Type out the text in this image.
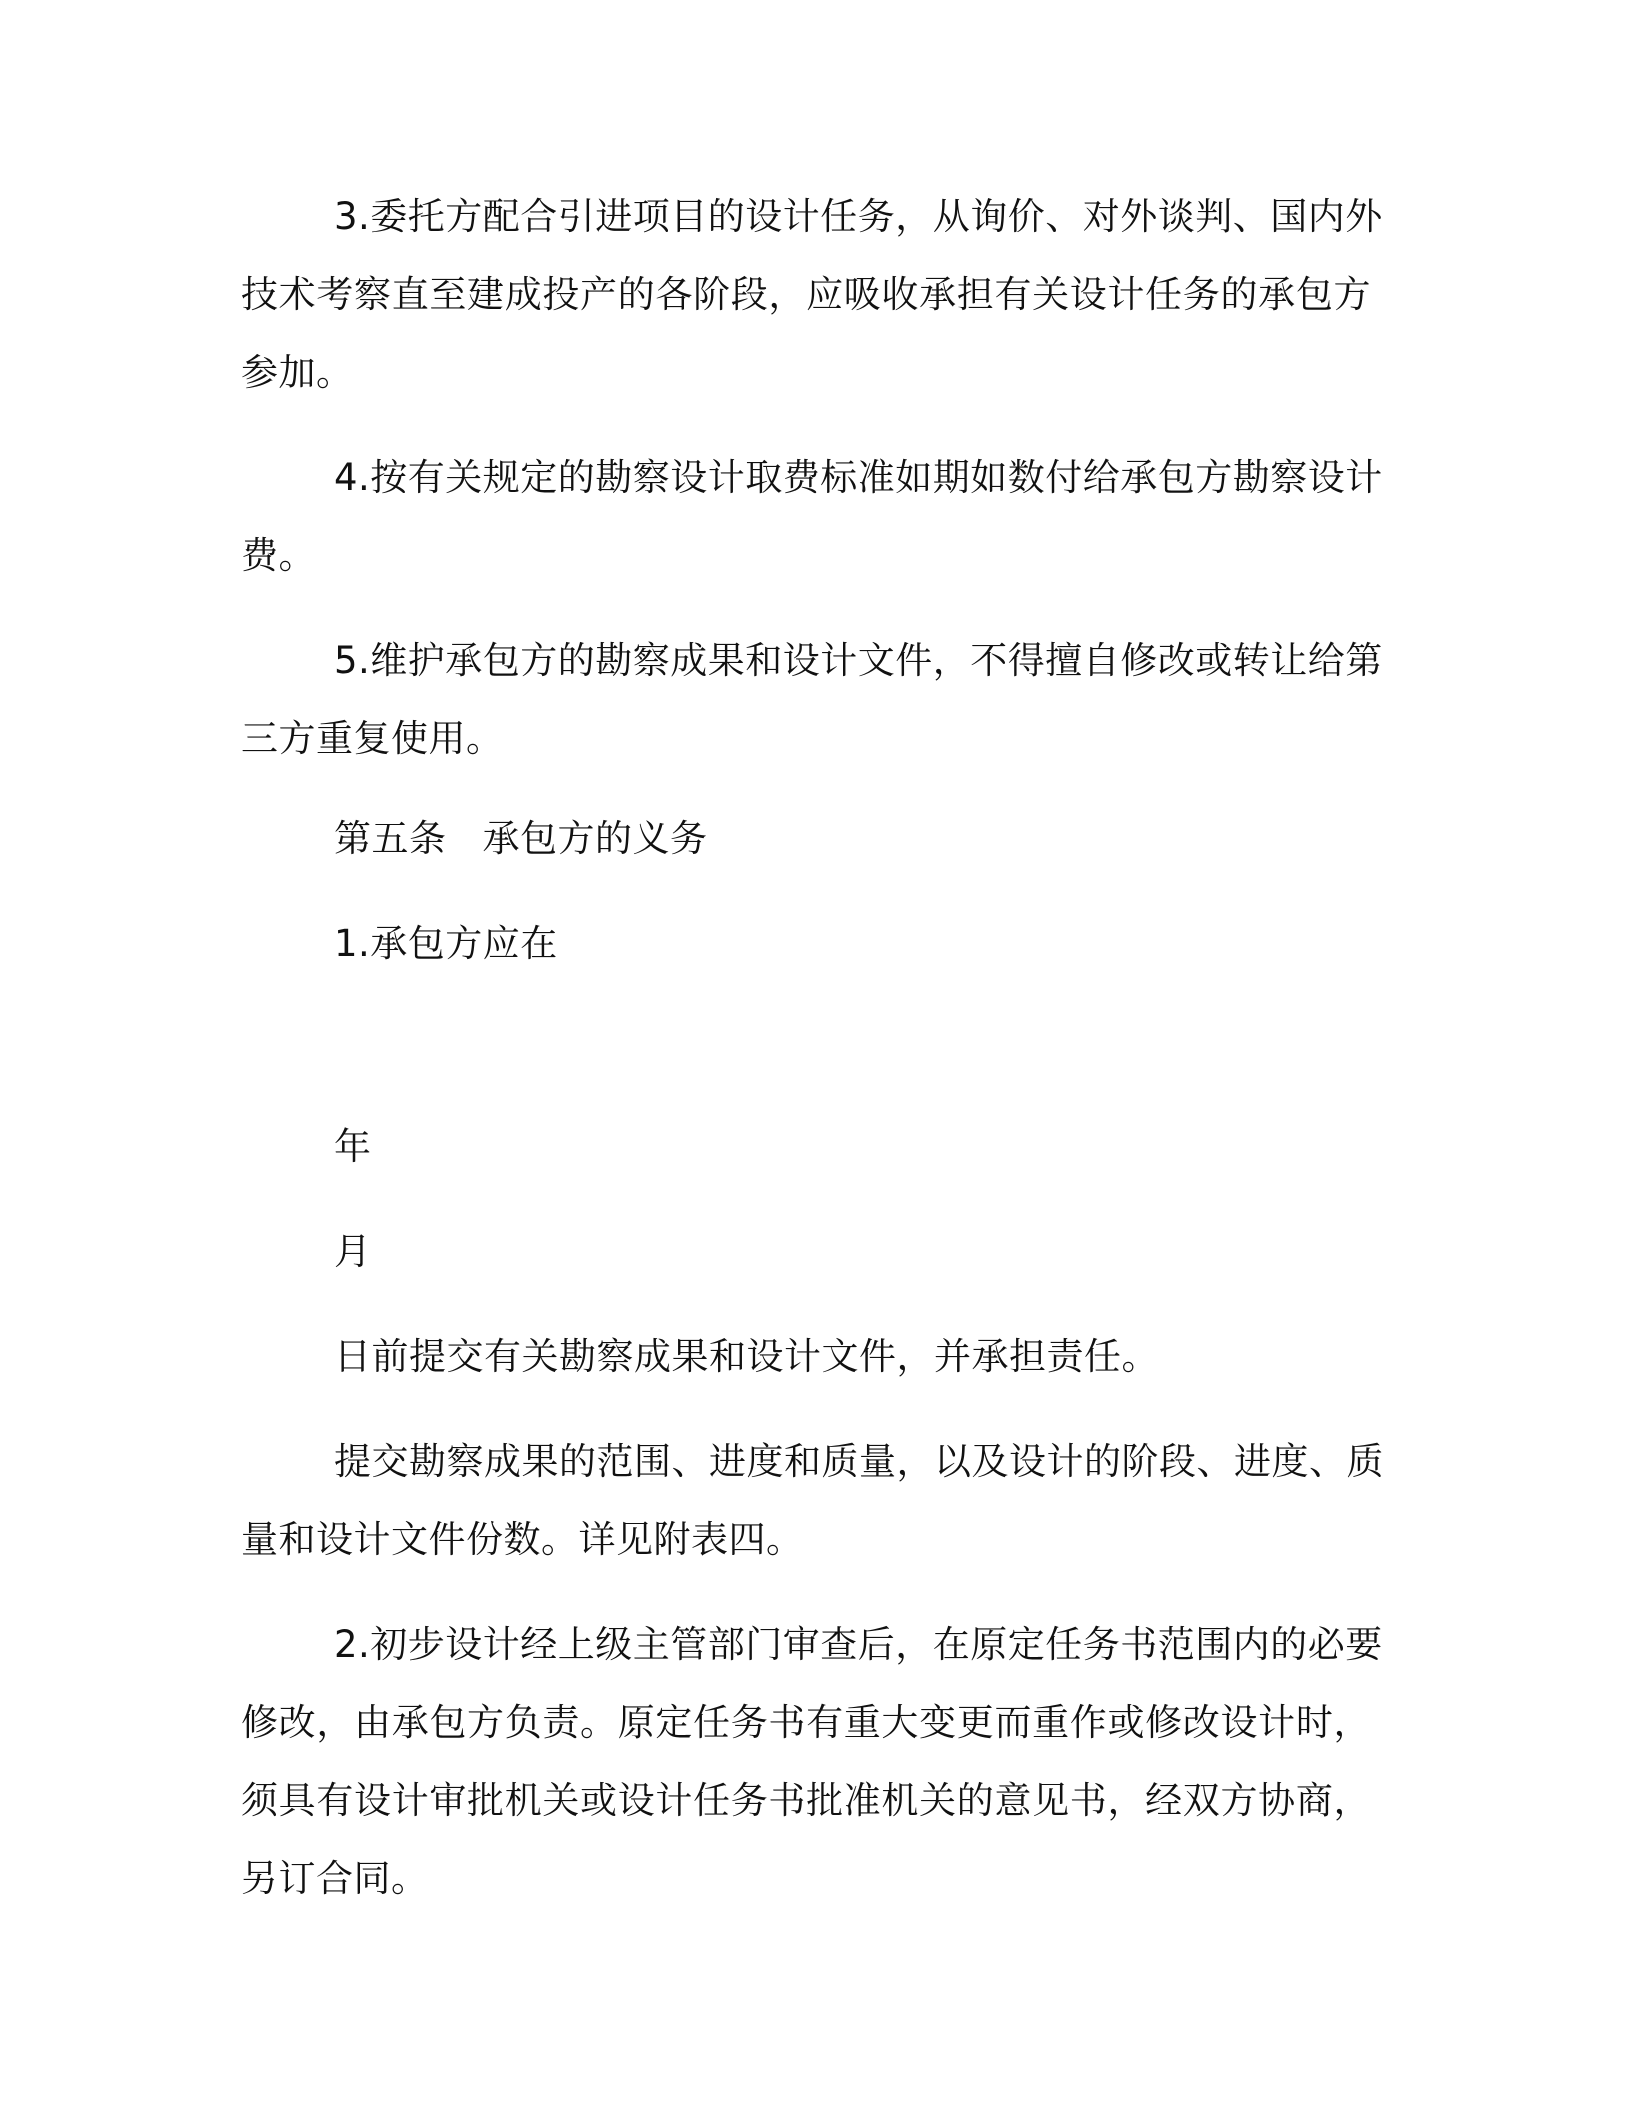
3.委托方配合引进项目的设计任务，从询价、对外谈判、国内外
技术考察直至建成投产的各阶段，应吸收承担有关设计任务的承包方
参加。
4.按有关规定的勘察设计取费标准如期如数付给承包方勘察设计
费。
5.维护承包方的勘察成果和设计文件，不得擅自修改或转让给第
三方重复使用。
第五条 承包方的义务
1.承包方应在
年
月
日前提交有关勘察成果和设计文件，并承担责任。
提交勘察成果的范围、进度和质量，以及设计的阶段、进度、质
量和设计文件份数。详见附表四。
2.初步设计经上级主管部门审查后，在原定任务书范围内的必要
修改，由承包方负责。原定任务书有重大变更而重作或修改设计时，
须具有设计审批机关或设计任务书批准机关的意见书，经双方协商，
另订合同。
